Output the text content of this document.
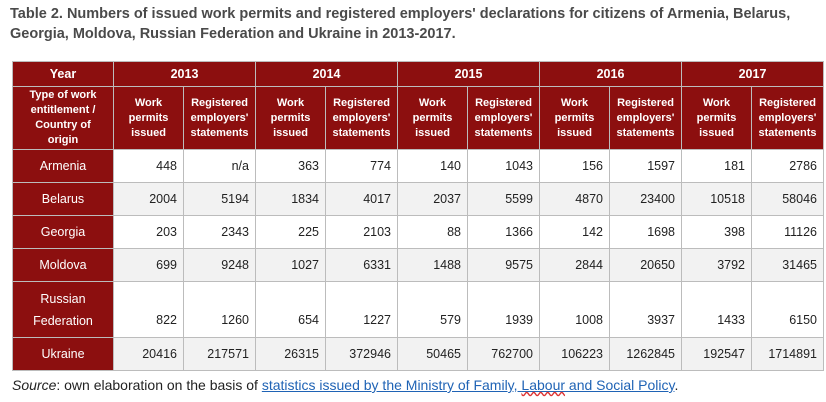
Table 2. Numbers of issued work permits and registered employers' declarations for citizens of Armenia, Belarus,
Georgia, Moldova, Russian Federation and Ukraine in 2013-2017.
Year	2013		2014		2015		2016		2017	
Type of work entitlement / Country of origin	Work permits issued	Registered employers' statements	Work permits issued	Registered employers' statements	Work permits issued	Registered employers' statements	Work permits issued	Registered employers' statements	Work permits issued	Registered employers' statements
Armenia	448	n/a	363	774	140	1043	156	1597	181	2786
Belarus	2004	5194	1834	4017	2037	5599	4870	23400	10518	58046
Georgia	203	2343	225	2103	88	1366	142	1698	398	11126
Moldova	699	9248	1027	6331	1488	9575	2844	20650	3792	31465
Russian Federation	822	1260	654	1227	579	1939	1008	3937	1433	6150
Ukraine	20416	217571	26315	372946	50465	762700	106223	1262845	192547	1714891
Source: own elaboration on the basis of statistics issued by the Ministry of Family, Labour and Social Policy.
